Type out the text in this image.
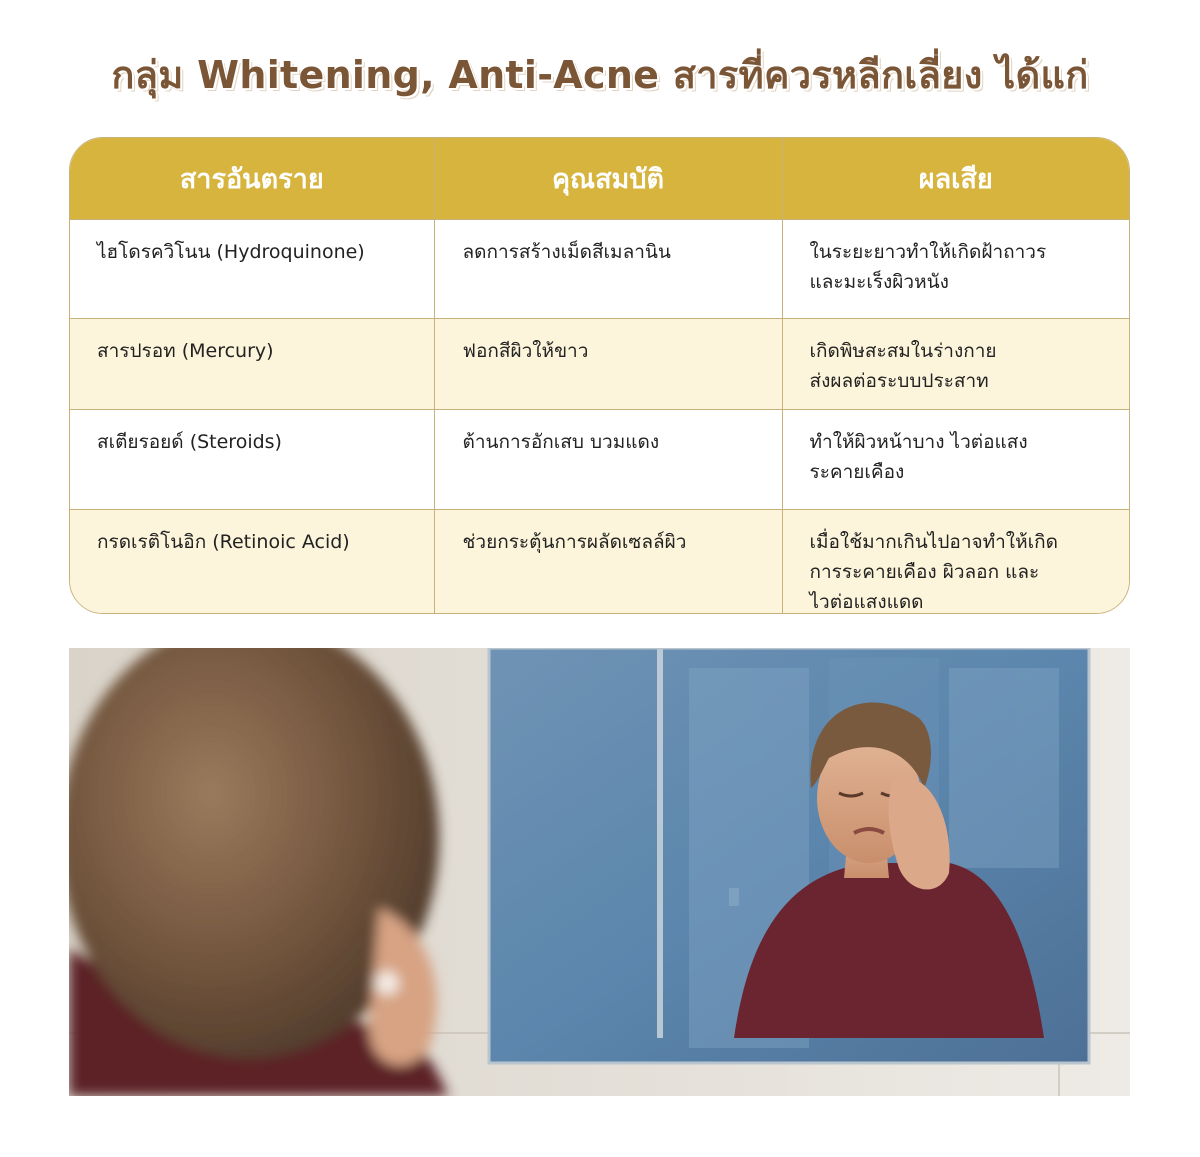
กลุ่ม Whitening, Anti-Acne สารที่ควรหลีกเลี่ยง ได้แก่
สารอันตราย	คุณสมบัติ	ผลเสีย
ไฮโดรควิโนน (Hydroquinone)	ลดการสร้างเม็ดสีเมลานิน	ในระยะยาวทำให้เกิดฝ้าถาวร
และมะเร็งผิวหนัง

สารปรอท (Mercury)	ฟอกสีผิวให้ขาว	เกิดพิษสะสมในร่างกาย
ส่งผลต่อระบบประสาท

สเตียรอยด์ (Steroids)	ต้านการอักเสบ บวมแดง	ทำให้ผิวหน้าบาง ไวต่อแสง
ระคายเคือง

กรดเรติโนอิก (Retinoic Acid)	ช่วยกระตุ้นการผลัดเซลล์ผิว	เมื่อใช้มากเกินไปอาจทำให้เกิด
การระคายเคือง ผิวลอก และ
ไวต่อแสงแดด
